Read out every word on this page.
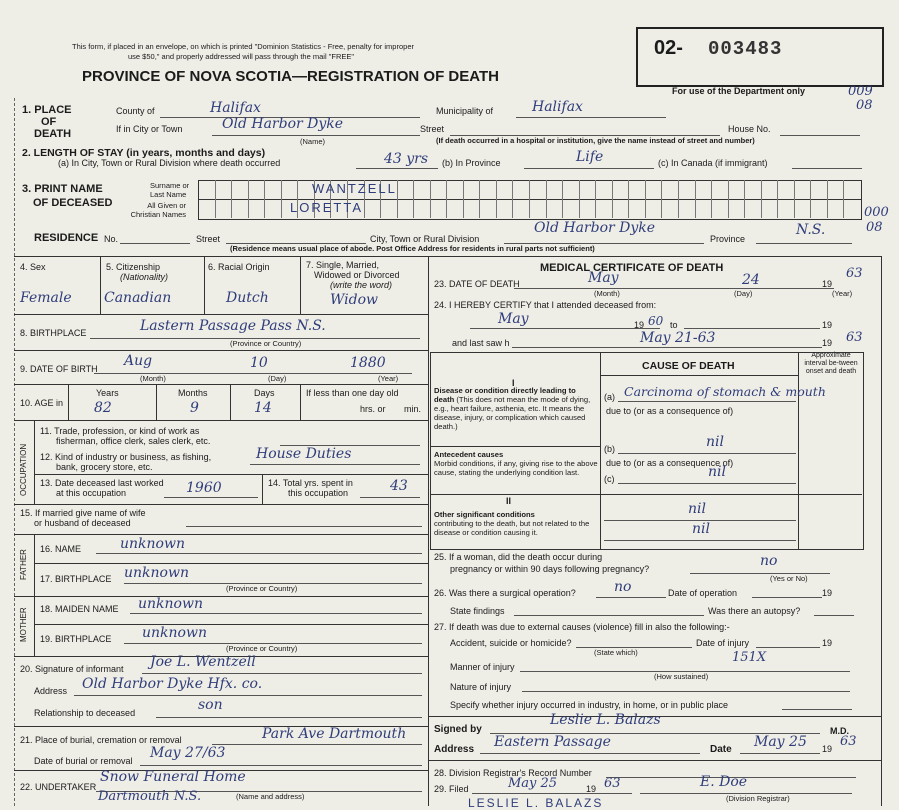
This form, if placed in an envelope, on which is printed "Dominion Statistics - Free, penalty for improper
use $50," and properly addressed will pass through the mail "FREE"
PROVINCE OF NOVA SCOTIA—REGISTRATION OF DEATH
02- 003483
For use of the Department only	009
08
1. PLACE
OF
DEATH
County of	Halifax	Municipality of	Halifax
If in City or Town	Old Harbor Dyke
(Name)
Street	House No.
(If death occurred in a hospital or institution, give the name instead of street and number)
2. LENGTH OF STAY (in years, months and days)
(a) In City, Town or Rural Division where death occurred	43 yrs (b) In Province	Life	(c) In Canada (if immigrant)
3. PRINT NAME
OF DECEASED
Surname or
Last Name
All Given or
Christian Names
WANTZELL
LORETTA
RESIDENCE No.	Street	City, Town or Rural Division
Old Harbor Dyke
Province
N.S.
000
08
(Residence means usual place of abode. Post Office Address for residents in rural parts not sufficient)
4. Sex	5. Citizenship
(Nationality)
6. Racial Origin	7. Single, Married,
Widowed or Divorced
(write the word)
Female Canadian	Dutch	Widow
8. BIRTHPLACE	Lastern Passage Pass N.S.
(Province or Country)
9. DATE OF BIRTH Aug	10	1880
(Month)	(Day)	(Year)
10. AGE in
Years	Months	Days
82	9	14
If less than one day old
hrs. or min.
OCCUPATION
11. Trade, profession, or kind of work as
fisherman, office clerk, sales clerk, etc.
12. Kind of industry or business, as fishing,
bank, grocery store, etc.
House Duties
13. Date deceased last worked
at this occupation	1960	14. Total yrs. spent in
this occupation	43
15. If married give name of wife
or husband of deceased
FATHER
16. NAME	unknown
17. BIRTHPLACE unknown
(Province or Country)
MOTHER 18. MAIDEN NAME unknown
19. BIRTHPLACE unknown
(Province or Country)
20. Signature of informant Joe L. Wentzell
Address Old Harbor Dyke Hfx. co.
Relationship to deceased	son
21. Place of burial, cremation or removal	Park Ave Dartmouth
Date of burial or removal May 27/63
22. UNDERTAKER
Snow Funeral Home
Dartmouth N.S.	(Name and address)
MEDICAL CERTIFICATE OF DEATH
23. DATE OF DEATH	May	24	19
63
(Month)	(Day)	(Year)
24. I HEREBY CERTIFY that I attended deceased from:
May	19 60 to	19
and last saw h	May 21-63	19 63
CAUSE OF DEATH
Approximate interval be-tween onset and death
I
Disease or condition directly leading to death (This does not mean the mode of dying, e.g., heart failure, asthenia, etc. It means the disease, injury, or complication which caused death.)
(a) Carcinoma of stomach & mouth
due to (or as a consequence of)
Antecedent causes
Morbid conditions, if any, giving rise to the above cause, stating the underlying condition last.
(b)	nil
due to (or as a consequence of)
(c)	nil
II
Other significant conditions
contributing to the death, but not related to the disease or condition causing it.
nil
nil
25. If a woman, did the death occur during
pregnancy or within 90 days following pregnancy?	no
(Yes or No)
26. Was there a surgical operation?	no	Date of operation	19
State findings	Was there an autopsy?
27. If death was due to external causes (violence) fill in also the following:-
Accident, suicide or homicide?	Date of injury	19
(State which)
Manner of injury
151X
(How sustained)
Nature of injury
Specify whether injury occurred in industry, in home, or in public place
Signed by
Leslie L. Balazs
M.D.
Address Eastern Passage	Date May 25 19 63
28. Division Registrar's Record Number
29. Filed	May 25	19 63	E. Doe
(Division Registrar)
LESLIE L. BALAZS
